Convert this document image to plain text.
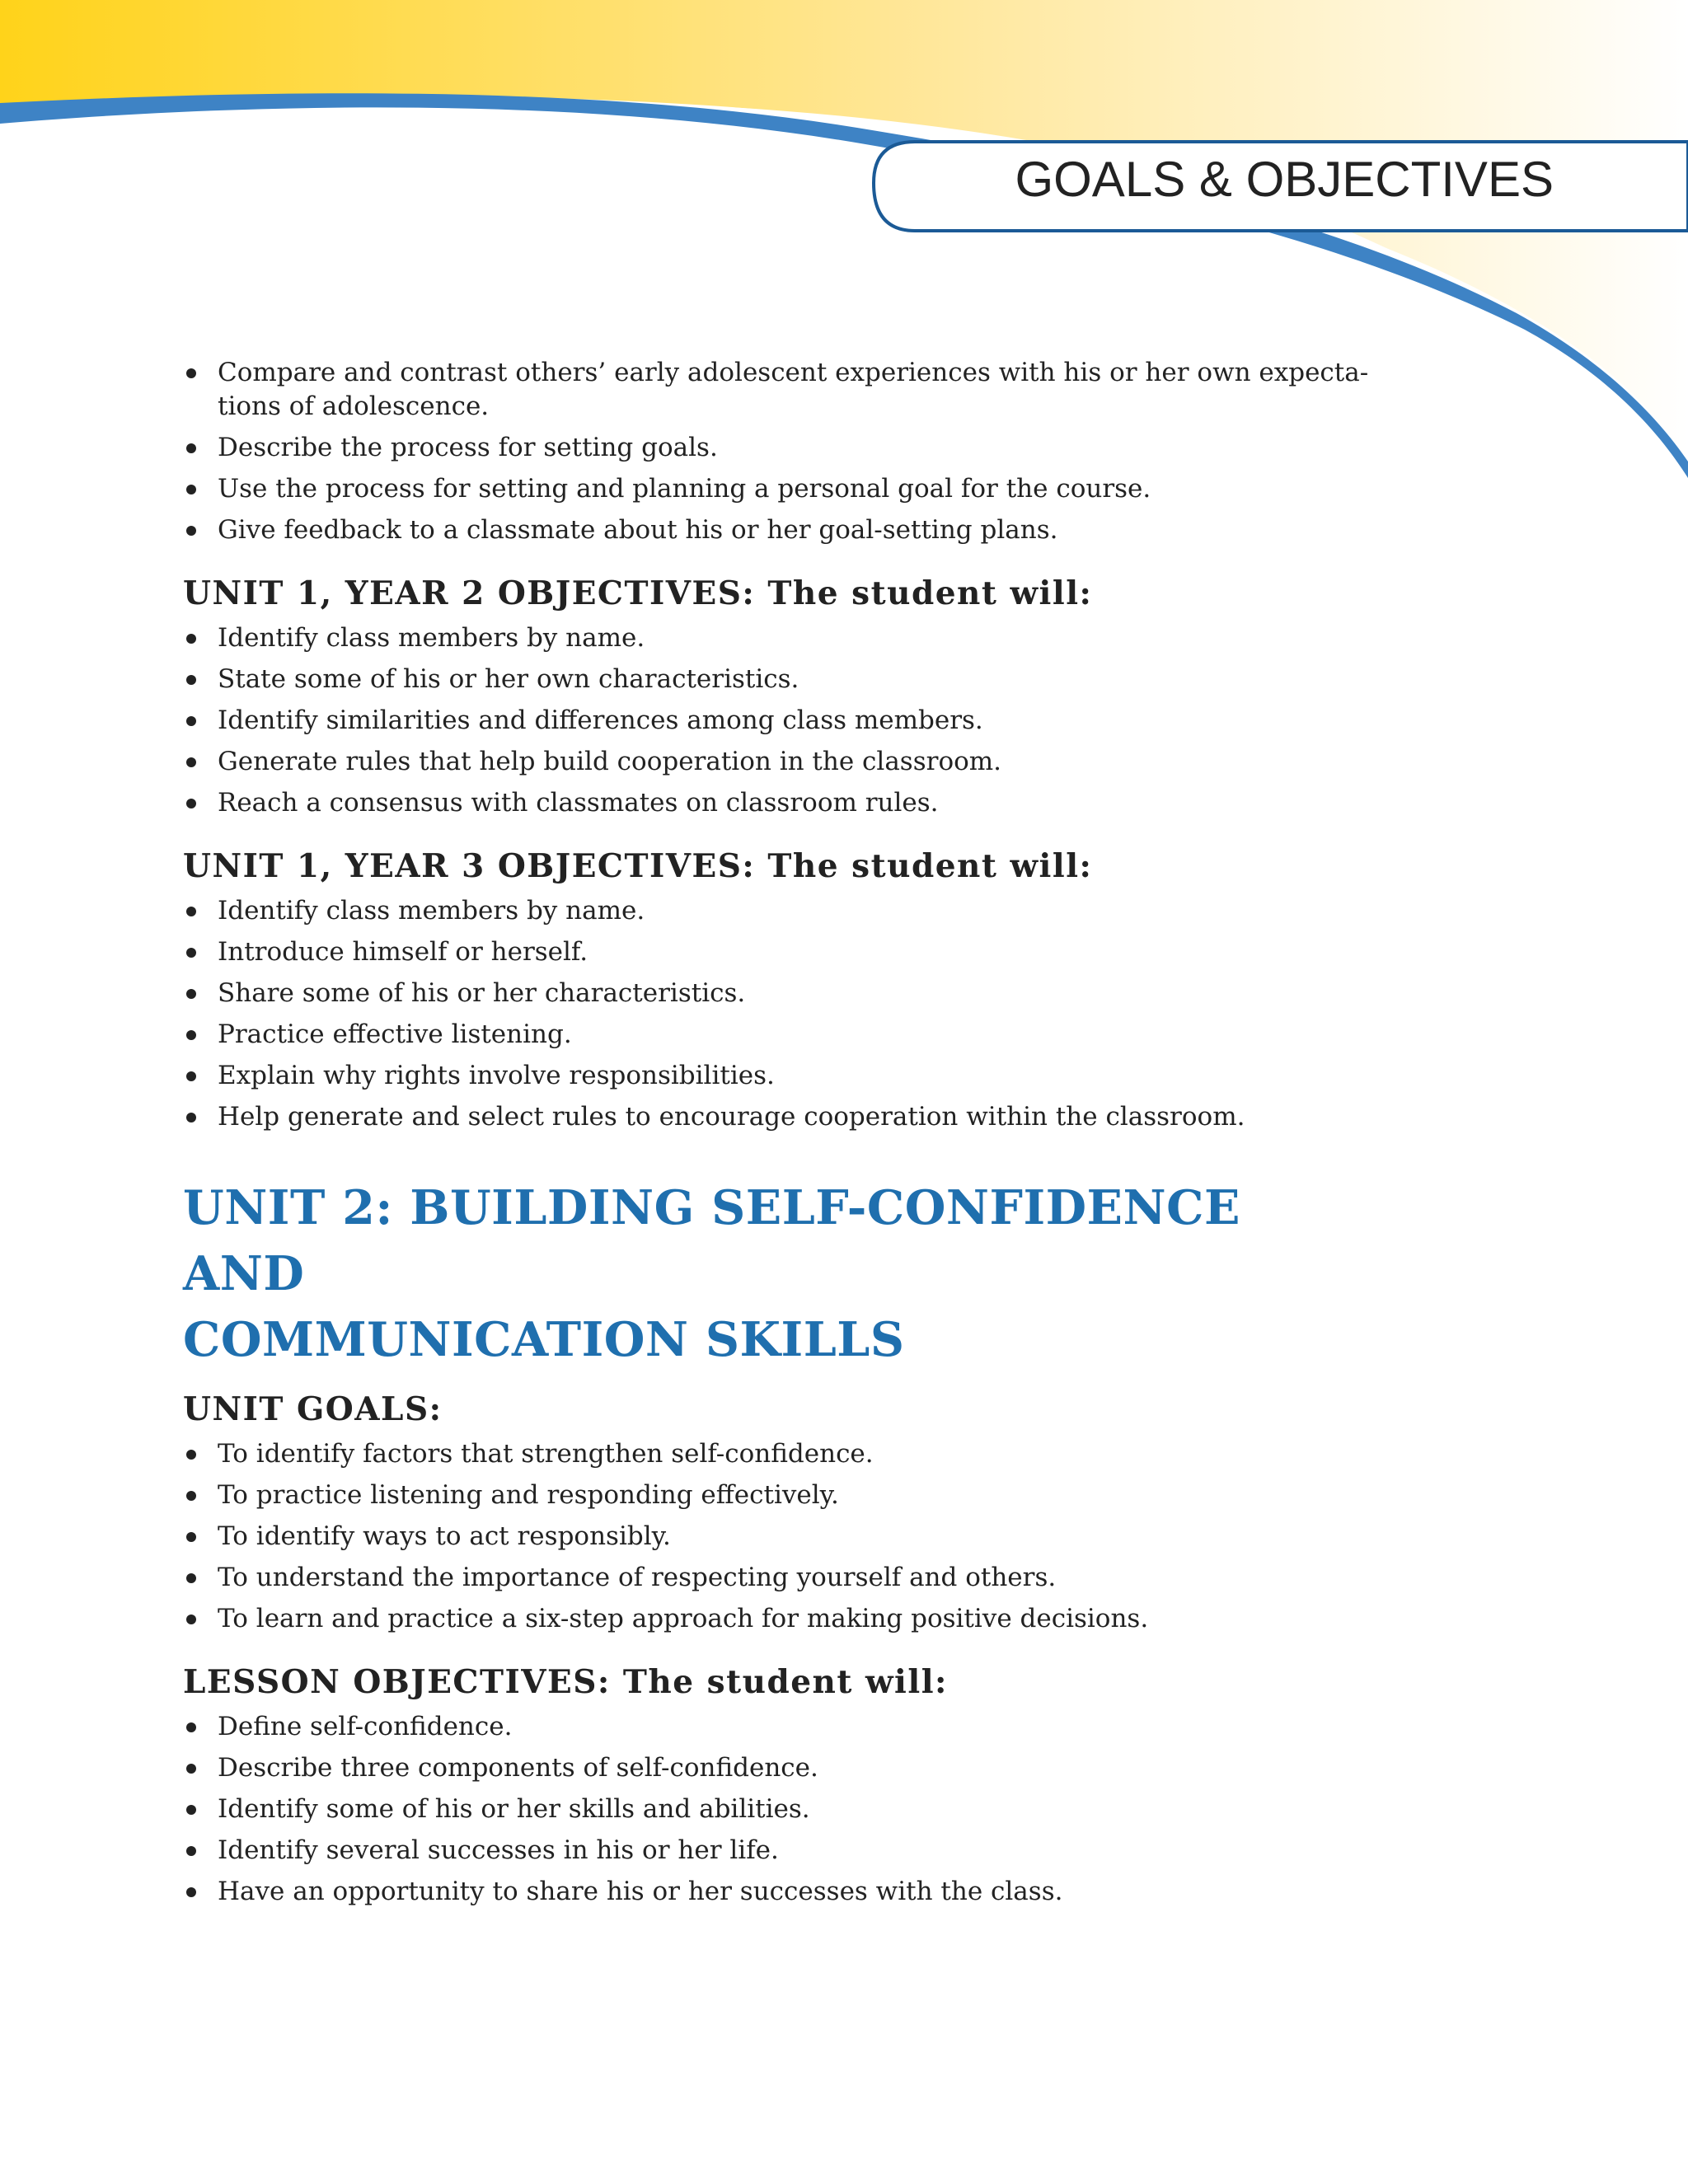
GOALS & OBJECTIVES
Compare and contrast others’ early adolescent experiences with his or her own expecta- tions of adolescence.
Describe the process for setting goals.
Use the process for setting and planning a personal goal for the course.
Give feedback to a classmate about his or her goal-setting plans.
UNIT 1, YEAR 2 OBJECTIVES: The student will:
Identify class members by name.
State some of his or her own characteristics.
Identify similarities and differences among class members.
Generate rules that help build cooperation in the classroom.
Reach a consensus with classmates on classroom rules.
UNIT 1, YEAR 3 OBJECTIVES: The student will:
Identify class members by name.
Introduce himself or herself.
Share some of his or her characteristics.
Practice effective listening.
Explain why rights involve responsibilities.
Help generate and select rules to encourage cooperation within the classroom.
UNIT 2: BUILDING SELF-CONFIDENCE AND
COMMUNICATION SKILLS
UNIT GOALS:
To identify factors that strengthen self-confidence.
To practice listening and responding effectively.
To identify ways to act responsibly.
To understand the importance of respecting yourself and others.
To learn and practice a six-step approach for making positive decisions.
LESSON OBJECTIVES: The student will:
Define self-confidence.
Describe three components of self-confidence.
Identify some of his or her skills and abilities.
Identify several successes in his or her life.
Have an opportunity to share his or her successes with the class.
